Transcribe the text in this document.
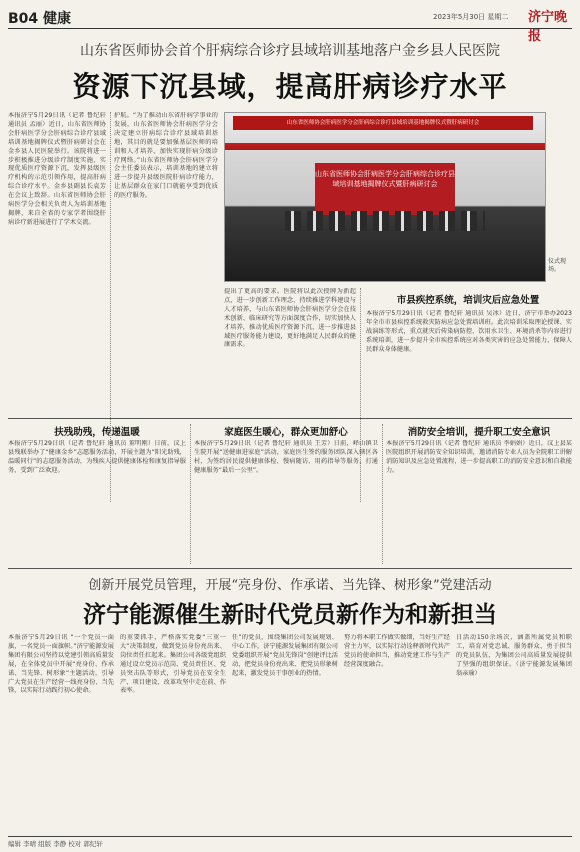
B04 健康	2023年5月30日 星期二 济宁晚报
山东省医师协会首个肝病综合诊疗县域培训基地落户金乡县人民医院
资源下沉县域，提高肝病诊疗水平
本报济宁5月29日讯（记者 鲁纪轩 通讯员 孟丽）近日，山东省医师协会肝病医学分会肝病综合诊疗县域培训基地揭牌仪式暨肝病研讨会在金乡县人民医院举行。该院将进一步积极推进分级诊疗制度实施，实现优质医疗资源下沉，发挥县级医疗机构的示范引领作用，提高肝病综合诊疗水平。金乡县副县长袁芳在会议上致辞。山东省医师协会肝病医学分会相关负责人为培训基地揭牌，来自全省的专家学者围绕肝病诊疗新进展进行了学术交流。
护航。“为了推动山东省肝病学事业的发展，山东省医师协会肝病医学分会决定建立肝病综合诊疗县域培训基地，其目的就是要加强基层医师的培训和人才培养，加快实现肝病分级诊疗网络。”山东省医师协会肝病医学分会主任委员表示，培训基地的建立将进一步提升县级医院肝病诊疗能力，让基层群众在家门口就能享受到优质的医疗服务。
山东省医师协会肝病医学分会肝病综合诊疗县域培训基地揭牌仪式暨肝病研讨会
山东省医师协会肝病医学分会肝病综合诊疗县域培训基地揭牌仪式暨肝病研讨会
仪式现场。
提出了更高的要求。医院将以此次授牌为新起点，进一步创新工作理念，持续推进学科建设与人才培养，与山东省医师协会肝病医学分会在技术创新、临床研究等方面深度合作，切实加快人才培养，推动优质医疗资源下沉，进一步推进县域医疗服务能力建设，更好地满足人民群众的健康需求。
市县疾控系统，培训灾后应急处置
本报济宁5月29日讯（记者 鲁纪轩 通讯员 吴冰）近日，济宁市举办2023年全市市县疾控系统救灾防病应急处置培训班。此次培训采取理论授课、实战演练等形式，重点就灾后传染病防控、饮用水卫生、环境消杀等内容进行系统培训，进一步提升全市疾控系统应对各类灾害的应急处置能力，保障人民群众身体健康。
扶残助残，传递温暖
本报济宁5月29日讯（记者 鲁纪轩 通讯员 董明刚）日前，汶上县残联举办了“健康金乡”志愿服务活动，开展主题为“阳光助残，温暖同行”的志愿服务活动，为残疾人提供健康体检和康复指导服务，受到广泛欢迎。
家庭医生暖心，群众更加舒心
本报济宁5月29日讯（记者 鲁纪轩 通讯员 王芳）日前，峄山镇卫生院开展“送健康进家庭”活动，家庭医生签约服务团队深入辖区各村，为签约居民提供健康体检、慢病随访、用药指导等服务，打通健康服务“最后一公里”。
消防安全培训，提升职工安全意识
本报济宁5月29日讯（记者 鲁纪轩 通讯员 李娟娟）近日，汶上县某医院组织开展消防安全知识培训，邀请消防专业人员为全院职工讲解消防知识及应急处置流程，进一步提高职工的消防安全意识和自救能力。
创新开展党员管理，开展“亮身份、作承诺、当先锋、树形象”党建活动
济宁能源催生新时代党员新作为和新担当
本报济宁5月29日讯 “一个党员一面旗，一名党员一面旗帜。”济宁能源发展集团有限公司坚持以党建引领高质量发展，在全体党员中开展“亮身份、作承诺、当先锋、树形象”主题活动，引导广大党员在生产经营一线亮身份、当先锋，以实际行动践行初心使命。
的重要抓手，严格落实党委“三重一大”决策制度，做到党员身份亮出来、岗位责任扛起来。集团公司各级党组织通过设立党员示范岗、党员责任区、党员突击队等形式，引导党员在安全生产、项目建设、改革攻坚中走在前、作表率。
任”的党员，围绕集团公司发展规划、中心工作，济宁能源发展集团有限公司党委组织开展“党员先锋岗”创建评比活动，把党员身份亮出来、把党员形象树起来，激发党员干事创业的热情。
努力将本职工作做实做细，当好生产经营主力军，以实际行动诠释新时代共产党员的使命担当，推动党建工作与生产经营深度融合。
日活动150余场次，涵盖所属党员和职工，培育对党忠诚、服务群众、勇于担当的党员队伍，为集团公司高质量发展提供了坚强的组织保证。（济宁能源发展集团 翁亲瑜）
编辑 李晴 组版 李静 校对 郭纪轩
